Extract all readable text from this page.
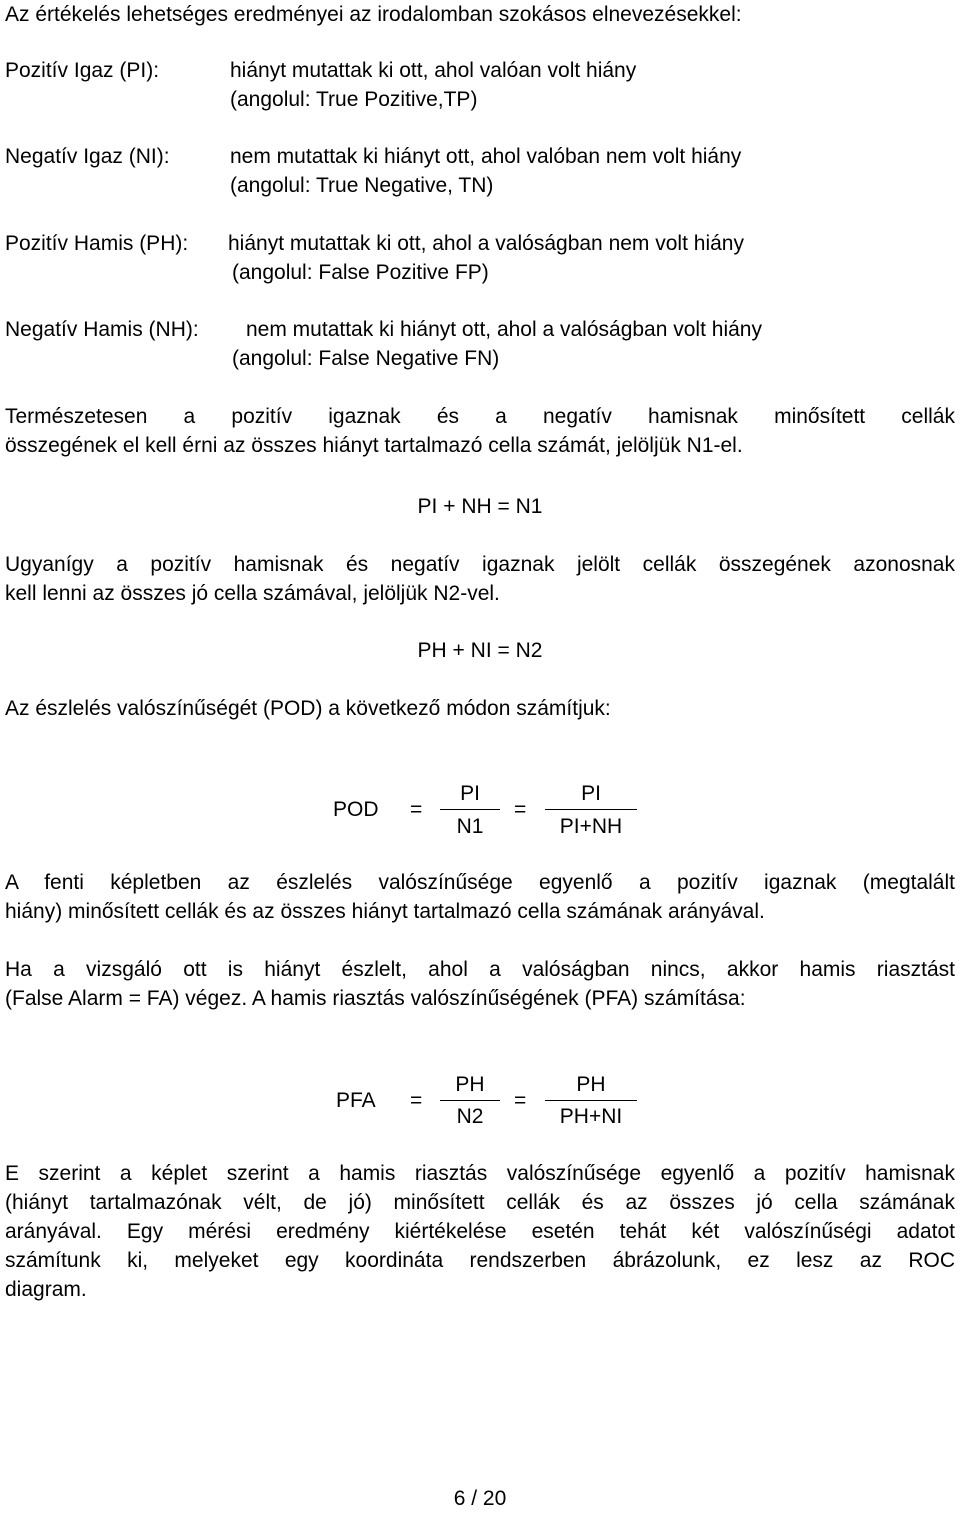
Az értékelés lehetséges eredményei az irodalomban szokásos elnevezésekkel:

Pozitív Igaz (PI):	hiányt mutattak ki ott, ahol valóan volt hiány

(angolul: True Pozitive,TP)

Negatív Igaz (NI):	nem mutattak ki hiányt ott, ahol valóban nem volt hiány

(angolul: True Negative, TN)

Pozitív Hamis (PH): hiányt mutattak ki ott, ahol a valóságban nem volt hiány

(angolul: False Pozitive FP)

Negatív Hamis (NH): nem mutattak ki hiányt ott, ahol a valóságban volt hiány

(angolul: False Negative FN)

Természetesen a pozitív igaznak és a negatív hamisnak minősített cellák

összegének el kell érni az összes hiányt tartalmazó cella számát, jelöljük N1-el.

PI + NH = N1

Ugyanígy a pozitív hamisnak és negatív igaznak jelölt cellák összegének azonosnak

kell lenni az összes jó cella számával, jelöljük N2-vel.

PH + NI = N2

Az észlelés valószínűségét (POD) a következő módon számítjuk:

POD =
PI
N1
=
PI
PI+NH

A fenti képletben az észlelés valószínűsége egyenlő a pozitív igaznak (megtalált

hiány) minősített cellák és az összes hiányt tartalmazó cella számának arányával.

Ha a vizsgáló ott is hiányt észlelt, ahol a valóságban nincs, akkor hamis riasztást

(False Alarm = FA) végez. A hamis riasztás valószínűségének (PFA) számítása:

PFA =
PH
N2
=
PH
PH+NI

E szerint a képlet szerint a hamis riasztás valószínűsége egyenlő a pozitív hamisnak

(hiányt tartalmazónak vélt, de jó) minősített cellák és az összes jó cella számának

arányával. Egy mérési eredmény kiértékelése esetén tehát két valószínűségi adatot

számítunk ki, melyeket egy koordináta rendszerben ábrázolunk, ez lesz az ROC

diagram.

6 / 20
